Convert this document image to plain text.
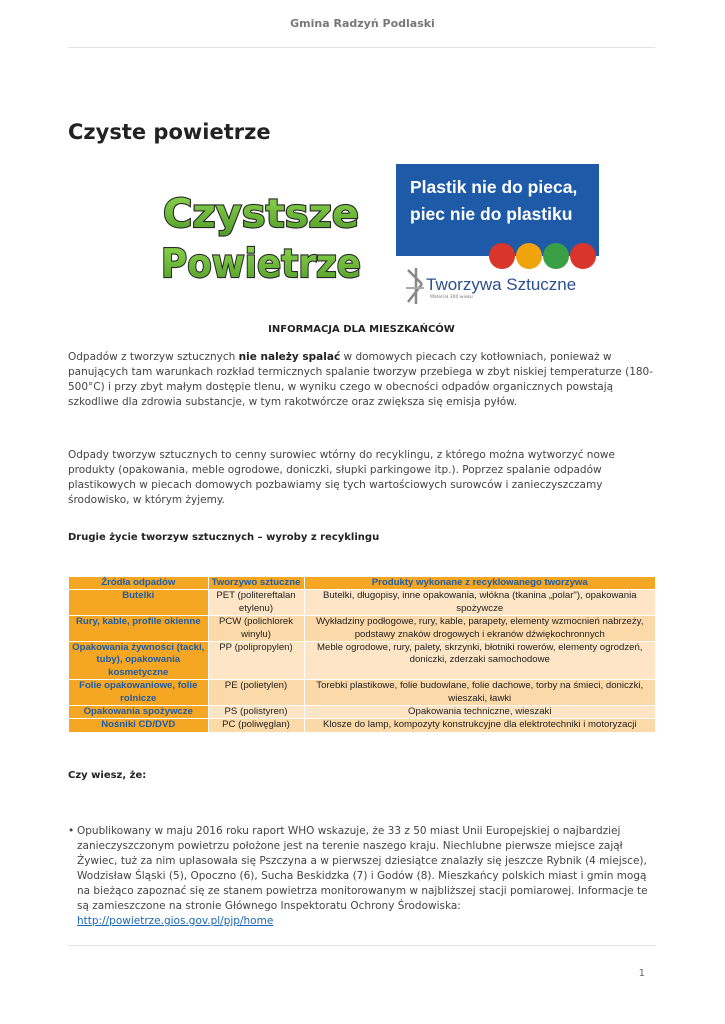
Gmina Radzyń Podlaski
Czyste powietrze
Czystsze
Powietrze
Plastik nie do pieca,
piec nie do plastiku
Tworzywa Sztuczne
Materiał 300 wieku
INFORMACJA DLA MIESZKAŃCÓW

Odpadów z tworzyw sztucznych nie należy spalać w domowych piecach czy kotłowniach, ponieważ w panujących tam warunkach rozkład termicznych spalanie tworzyw przebiega w zbyt niskiej temperaturze (180-500°C) i przy zbyt małym dostępie tlenu, w wyniku czego w obecności odpadów organicznych powstają szkodliwe dla zdrowia substancje, w tym rakotwórcze oraz zwiększa się emisja pyłów.

Odpady tworzyw sztucznych to cenny surowiec wtórny do recyklingu, z którego można wytworzyć nowe produkty (opakowania, meble ogrodowe, doniczki, słupki parkingowe itp.). Poprzez spalanie odpadów plastikowych w piecach domowych pozbawiamy się tych wartościowych surowców i zanieczyszczamy środowisko, w którym żyjemy.

Drugie życie tworzyw sztucznych – wyroby z recyklingu
Źródła odpadów	Tworzywo sztuczne	Produkty wykonane z recyklowanego tworzywa
Butelki	PET (politereftalan etylenu)	Butelki, długopisy, inne opakowania, włókna (tkanina „polar"), opakowania spożywcze
Rury, kable, profile okienne	PCW (polichlorek winylu)	Wykładziny podłogowe, rury, kable, parapety, elementy wzmocnień nabrzeży, podstawy znaków drogowych i ekranów dźwiękochronnych
Opakowania żywności (tacki, tuby), opakowania kosmetyczne	PP (polipropylen)	Meble ogrodowe, rury, palety, skrzynki, błotniki rowerów, elementy ogrodzeń, doniczki, zderzaki samochodowe
Folie opakowaniowe, folie rolnicze	PE (polietylen)	Torebki plastikowe, folie budowlane, folie dachowe, torby na śmieci, doniczki, wieszaki, ławki
Opakowania spożywcze	PS (polistyren)	Opakowania techniczne, wieszaki
Nośniki CD/DVD	PC (poliwęglan)	Klosze do lamp, kompozyty konstrukcyjne dla elektrotechniki i motoryzacji
Czy wiesz, że:
• Opublikowany w maju 2016 roku raport WHO wskazuje, że 33 z 50 miast Unii Europejskiej o najbardziej zanieczyszczonym powietrzu położone jest na terenie naszego kraju. Niechlubne pierwsze miejsce zajął Żywiec, tuż za nim uplasowała się Pszczyna a w pierwszej dziesiątce znalazły się jeszcze Rybnik (4 miejsce), Wodzisław Śląski (5), Opoczno (6), Sucha Beskidzka (7) i Godów (8). Mieszkańcy polskich miast i gmin mogą na bieżąco zapoznać się ze stanem powietrza monitorowanym w najbliższej stacji pomiarowej. Informacje te są zamieszczone na stronie Głównego Inspektoratu Ochrony Środowiska: http://powietrze.gios.gov.pl/pjp/home
1
